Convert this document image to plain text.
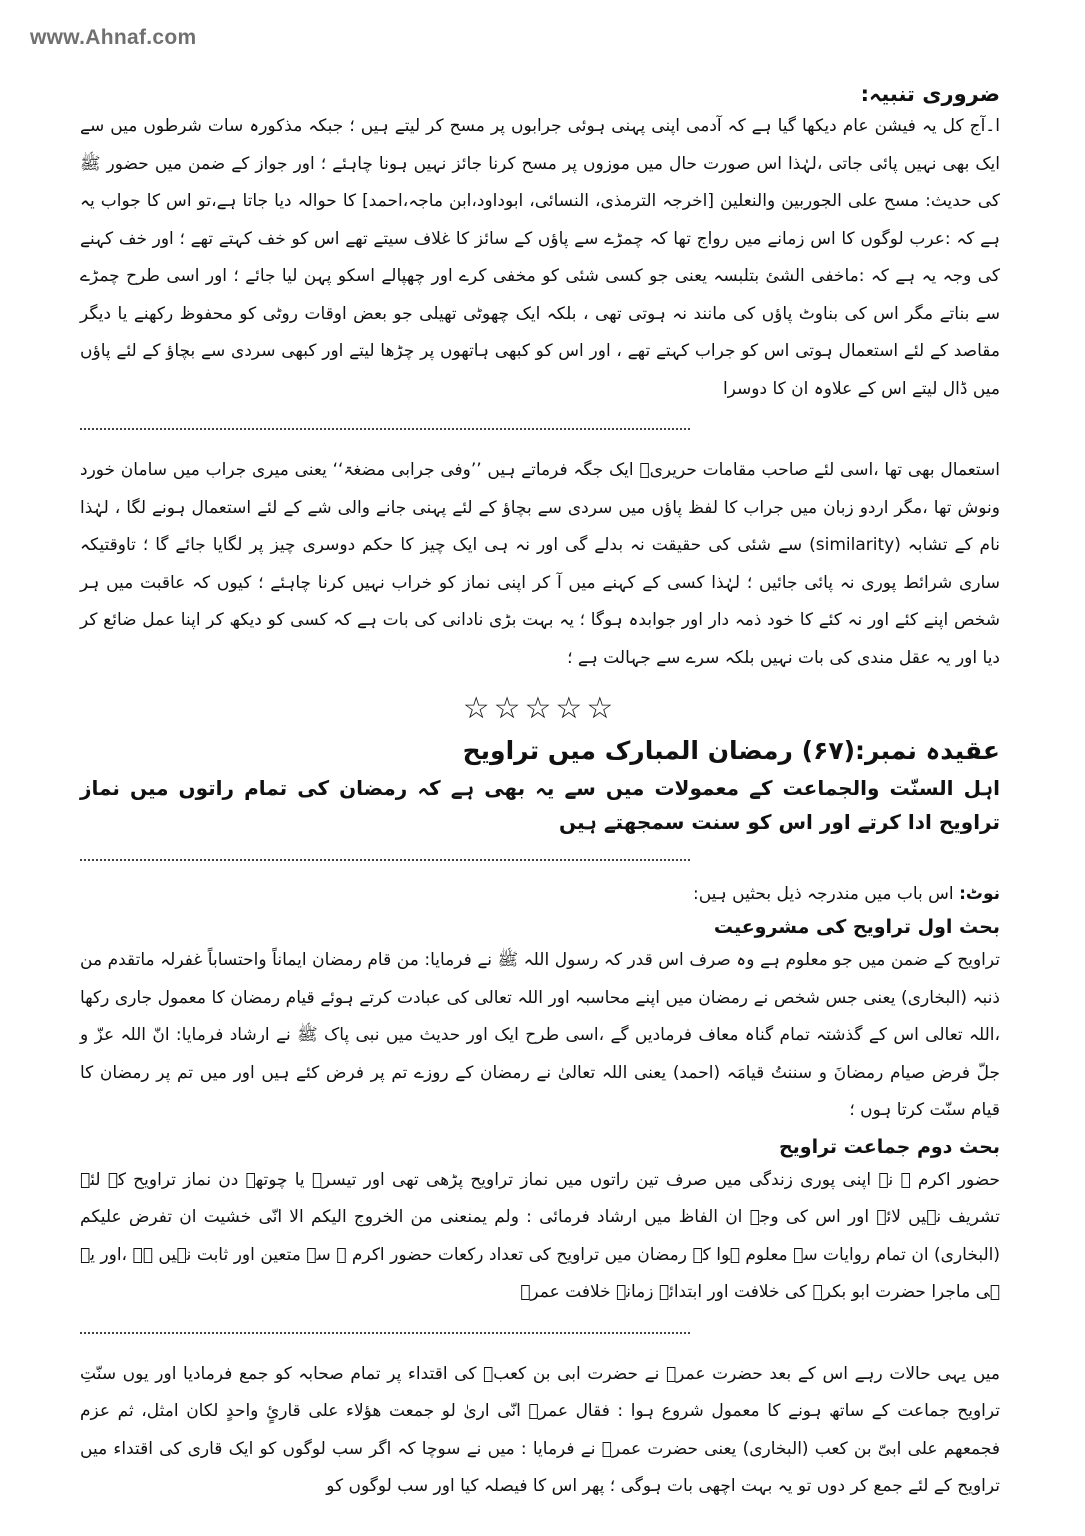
www.Ahnaf.com
ضروری تنبیہ:

ا۔آج کل یہ فیشن عام دیکھا گیا ہے کہ آدمی اپنی پہنی ہوئی جرابوں پر مسح کر لیتے ہیں ؛ جبکہ مذکورہ سات شرطوں میں سے ایک بھی نہیں پائی جاتی ،لہٰذا اس صورت حال میں موزوں پر مسح کرنا جائز نہیں ہونا چاہئے ؛ اور جواز کے ضمن میں حضور ﷺ کی حدیث: مسح علی الجوربین والنعلین [اخرجہ الترمذی، النسائی، ابوداود،ابن ماجہ،احمد] کا حوالہ دیا جاتا ہے،تو اس کا جواب یہ ہے کہ :عرب لوگوں کا اس زمانے میں رواج تھا کہ چمڑے سے پاؤں کے سائز کا غلاف سیتے تھے اس کو خف کہتے تھے ؛ اور خف کہنے کی وجہ یہ ہے کہ :ماخفی الشئ بتلبسہ یعنی جو کسی شئی کو مخفی کرے اور چھپالے اسکو پہن لیا جائے ؛ اور اسی طرح چمڑے سے بناتے مگر اس کی بناوٹ پاؤں کی مانند نہ ہوتی تھی ، بلکہ ایک چھوٹی تھیلی جو بعض اوقات روٹی کو محفوظ رکھنے یا دیگر مقاصد کے لئے استعمال ہوتی اس کو جراب کہتے تھے ، اور اس کو کبھی ہاتھوں پر چڑھا لیتے اور کبھی سردی سے بچاؤ کے لئے پاؤں میں ڈال لیتے اس کے علاوہ ان کا دوسرا

استعمال بھی تھا ،اسی لئے صاحب مقامات حریریؒ ایک جگہ فرماتے ہیں ’’وفی جرابی مضغۃ‘‘ یعنی میری جراب میں سامان خورد ونوش تھا ،مگر اردو زبان میں جراب کا لفظ پاؤں میں سردی سے بچاؤ کے لئے پہنی جانے والی شے کے لئے استعمال ہونے لگا ، لہٰذا نام کے تشابہ (similarity) سے شئی کی حقیقت نہ بدلے گی اور نہ ہی ایک چیز کا حکم دوسری چیز پر لگایا جائے گا ؛ تاوقتیکہ ساری شرائط پوری نہ پائی جائیں ؛ لہٰذا کسی کے کہنے میں آ کر اپنی نماز کو خراب نہیں کرنا چاہئے ؛ کیوں کہ عاقبت میں ہر شخص اپنے کئے اور نہ کئے کا خود ذمہ دار اور جوابدہ ہوگا ؛ یہ بہت بڑی نادانی کی بات ہے کہ کسی کو دیکھ کر اپنا عمل ضائع کر دیا اور یہ عقل مندی کی بات نہیں بلکہ سرے سے جہالت ہے ؛

☆☆☆☆☆
عقیدہ نمبر:(۶۷) رمضان المبارک میں تراویح

اہل السنّت والجماعت کے معمولات میں سے یہ بھی ہے کہ رمضان کی تمام راتوں میں نماز تراویح ادا کرتے اور اس کو سنت سمجھتے ہیں

نوٹ: اس باب میں مندرجہ ذیل بحثیں ہیں:
بحث اول تراویح کی مشروعیت

تراویح کے ضمن میں جو معلوم ہے وہ صرف اس قدر کہ رسول اللہ ﷺ نے فرمایا: من قام رمضان ایماناً واحتساباً غفرلہ ماتقدم من ذنبہ (البخاری) یعنی جس شخص نے رمضان میں اپنے محاسبہ اور اللہ تعالی کی عبادت کرتے ہوئے قیام رمضان کا معمول جاری رکھا ،اللہ تعالی اس کے گذشتہ تمام گناہ معاف فرمادیں گے ،اسی طرح ایک اور حدیث میں نبی پاک ﷺ نے ارشاد فرمایا: انّ اللہ عزّ و جلّ فرض صیام رمضانَ و سننتُ قیامَہ (احمد) یعنی اللہ تعالیٰ نے رمضان کے روزے تم پر فرض کئے ہیں اور میں تم پر رمضان کا قیام سنّت کرتا ہوں ؛

بحث دوم جماعت تراویح

حضور اکرم ﷺ نے اپنی پوری زندگی میں صرف تین راتوں میں نماز تراویح پڑھی تھی اور تیسرے یا چوتھے دن نماز تراویح کے لئے تشریف نہیں لائے اور اس کی وجہ ان الفاظ میں ارشاد فرمائی : ولم یمنعنی من الخروج الیکم الا انّی خشیت ان تفرض علیکم (البخاری) ان تمام روایات سے معلوم ہوا کہ رمضان میں تراویح کی تعداد رکعات حضور اکرم ﷺ سے متعین اور ثابت نہیں ہے ،اور یہ ہی ماجرا حضرت ابو بکرؓ کی خلافت اور ابتدائے زمانہ خلافت عمرؓ

میں یہی حالات رہے اس کے بعد حضرت عمرؓ نے حضرت ابی بن کعبؓ کی اقتداء پر تمام صحابہ کو جمع فرمادیا اور یوں سنّتِ تراویح جماعت کے ساتھ ہونے کا معمول شروع ہوا : فقال عمرؓ انّی اریٰ لو جمعت ھؤلاء علی قارئٍ واحدٍ لکان امثل، ثم عزم فجمعھم علی ابیّ بن کعب (البخاری) یعنی حضرت عمرؓ نے فرمایا : میں نے سوچا کہ اگر سب لوگوں کو ایک قاری کی اقتداء میں تراویح کے لئے جمع کر دوں تو یہ بہت اچھی بات ہوگی ؛ پھر اس کا فیصلہ کیا اور سب لوگوں کو
